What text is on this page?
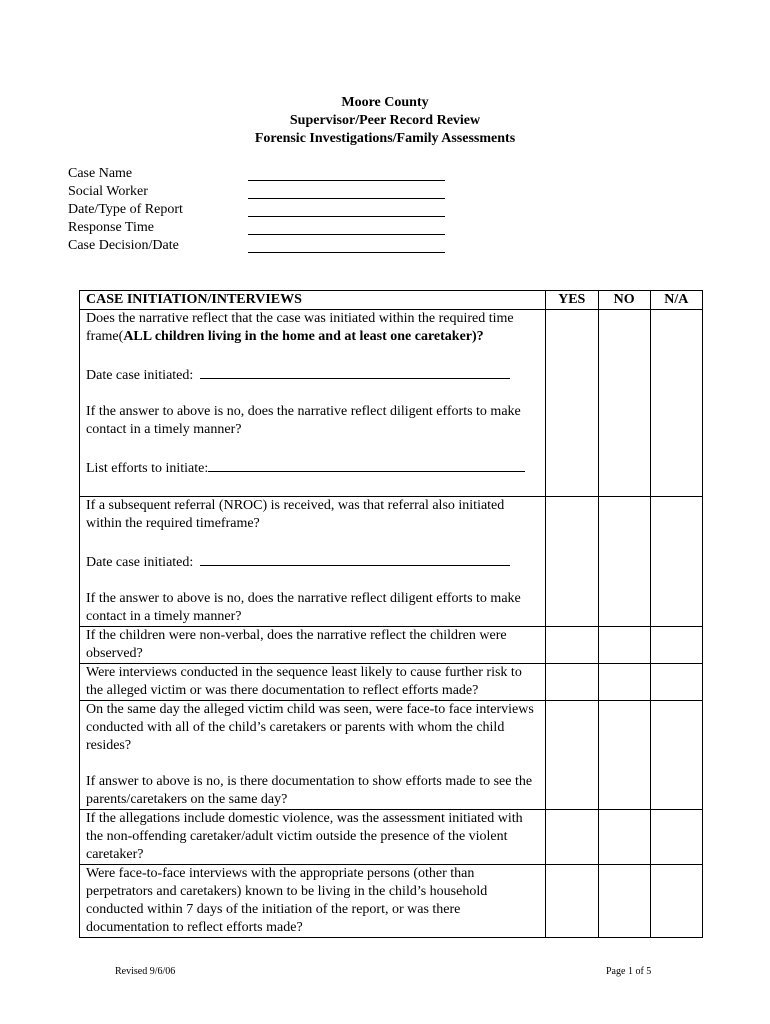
Moore County
Supervisor/Peer Record Review
Forensic Investigations/Family Assessments
Case Name
Social Worker
Date/Type of Report
Response Time
Case Decision/Date
CASE INITIATION/INTERVIEWS	YES	NO	N/A

Does the narrative reflect that the case was initiated within the required time frame(ALL children living in the home and at least one caretaker)?

Date case initiated:

If the answer to above is no, does the narrative reflect diligent efforts to make contact in a timely manner?

List efforts to initiate:			

If a subsequent referral (NROC) is received, was that referral also initiated within the required timeframe?

Date case initiated:

If the answer to above is no, does the narrative reflect diligent efforts to make contact in a timely manner?			

If the children were non-verbal, does the narrative reflect the children were observed?			

Were interviews conducted in the sequence least likely to cause further risk to the alleged victim or was there documentation to reflect efforts made?			

On the same day the alleged victim child was seen, were face-to face interviews conducted with all of the child’s caretakers or parents with whom the child resides?

If answer to above is no, is there documentation to show efforts made to see the parents/caretakers on the same day?			

If the allegations include domestic violence, was the assessment initiated with the non-offending caretaker/adult victim outside the presence of the violent caretaker?			

Were face-to-face interviews with the appropriate persons (other than perpetrators and caretakers) known to be living in the child’s household conducted within 7 days of the initiation of the report, or was there documentation to reflect efforts made?			

Revised 9/6/06	Page 1 of 5
